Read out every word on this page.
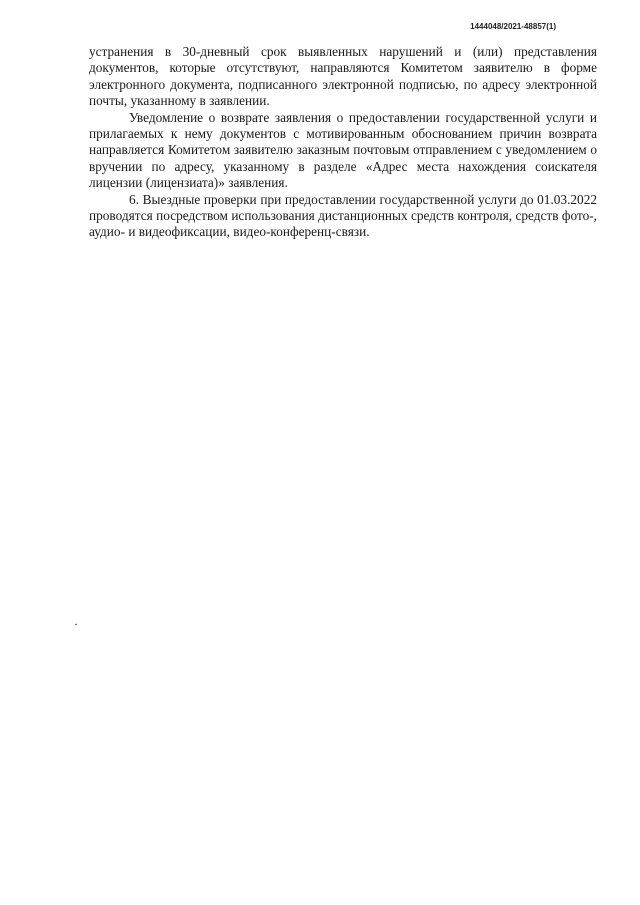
1444048/2021-48857(1)

устранения в 30-дневный срок выявленных нарушений и (или) представления документов, которые отсутствуют, направляются Комитетом заявителю в форме электронного документа, подписанного электронной подписью, по адресу электронной почты, указанному в заявлении.

Уведомление о возврате заявления о предоставлении государственной услуги и прилагаемых к нему документов с мотивированным обоснованием причин возврата направляется Комитетом заявителю заказным почтовым отправлением с уведомлением о вручении по адресу, указанному в разделе «Адрес места нахождения соискателя лицензии (лицензиата)» заявления.

6. Выездные проверки при предоставлении государственной услуги до 01.03.2022 проводятся посредством использования дистанционных средств контроля, средств фото-, аудио- и видеофиксации, видео-конференц-связи.
